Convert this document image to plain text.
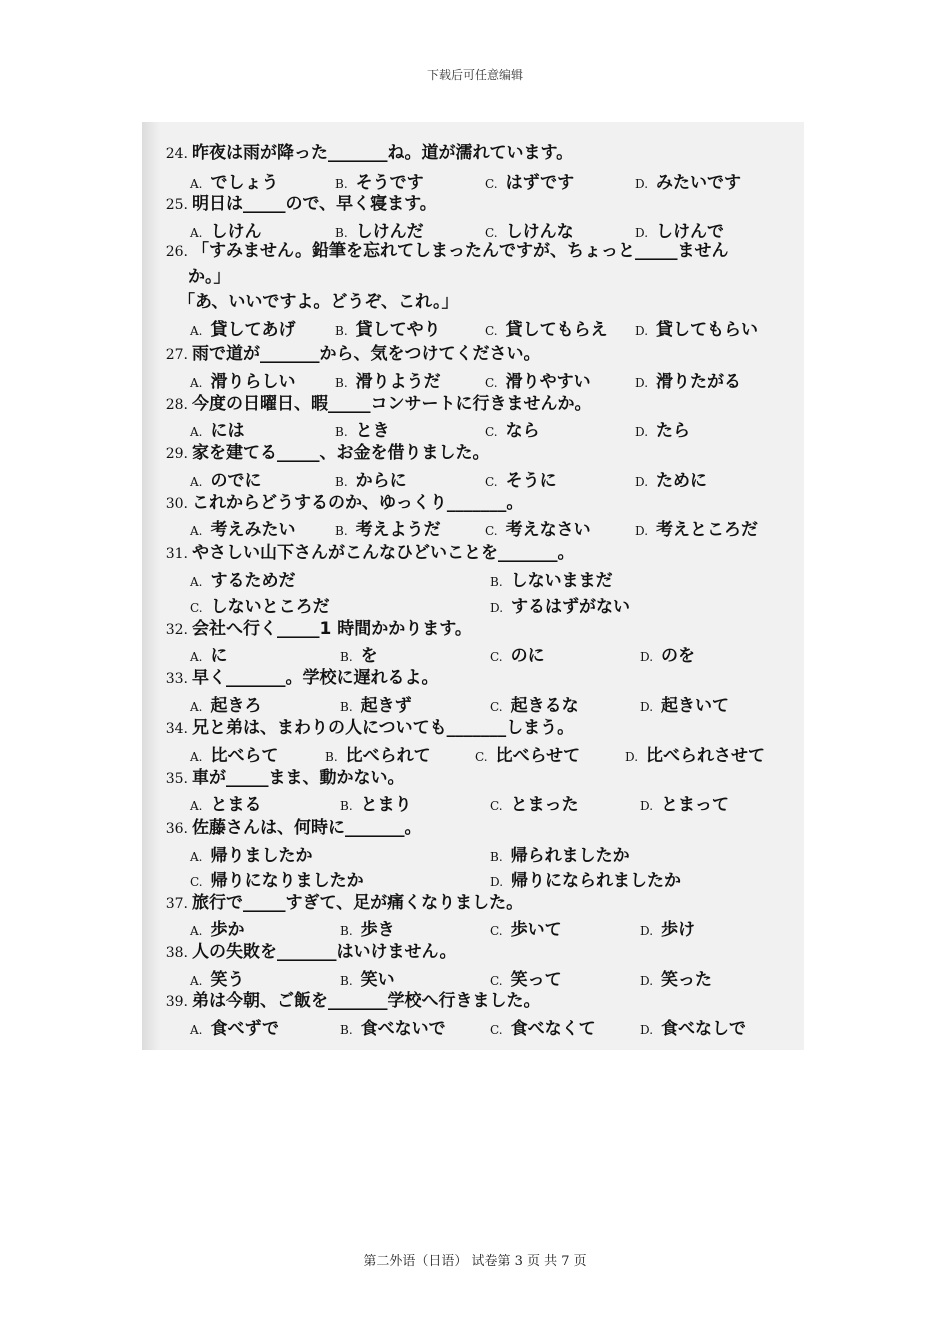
下载后可任意编辑
24. 昨夜は雨が降った_______ね。道が濡れています。
A. でしょう	B. そうです	C. はずです	D. みたいです
25. 明日は_____ので、早く寝ます。
A. しけん	B. しけんだ	C. しけんな	D. しけんで
26. 「すみません。鉛筆を忘れてしまったんですが、ちょっと_____ません
か。」
「あ、いいですよ。どうぞ、これ。」
A. 貸してあげ	B. 貸してやり	C. 貸してもらえ D. 貸してもらい
27. 雨で道が_______から、気をつけてください。
A. 滑りらしい	B. 滑りようだ	C. 滑りやすい	D. 滑りたがる
28. 今度の日曜日、暇_____コンサートに行きませんか。
A. には	B. とき	C. なら	D. たら
29. 家を建てる_____、お金を借りました。
A. のでに	B. からに	C. そうに	D. ために
30. これからどうするのか、ゆっくり_______。
A. 考えみたい	B. 考えようだ	C. 考えなさい	D. 考えところだ
31. やさしい山下さんがこんなひどいことを_______。
A. するためだ	B. しないままだ
C. しないところだ	D. するはずがない
32. 会社へ行く_____1 時間かかります。
A. に	B. を	C. のに	D. のを
33. 早く_______。学校に遅れるよ。
A. 起きろ	B. 起きず	C. 起きるな	D. 起きいて
34. 兄と弟は、まわりの人についても_______しまう。
A. 比べらて	B. 比べられて	C. 比べらせて	D. 比べられさせて
35. 車が_____まま、動かない。
A. とまる	B. とまり	C. とまった	D. とまって
36. 佐藤さんは、何時に_______。
A. 帰りましたか	B. 帰られましたか
C. 帰りになりましたか	D. 帰りになられましたか
37. 旅行で_____すぎて、足が痛くなりました。
A. 歩か	B. 歩き	C. 歩いて	D. 歩け
38. 人の失敗を_______はいけません。
A. 笑う	B. 笑い	C. 笑って	D. 笑った
39. 弟は今朝、ご飯を_______学校へ行きました。
A. 食べずで	B. 食べないで	C. 食べなくて	D. 食べなしで
第二外语（日语） 试卷第 3 页 共 7 页
